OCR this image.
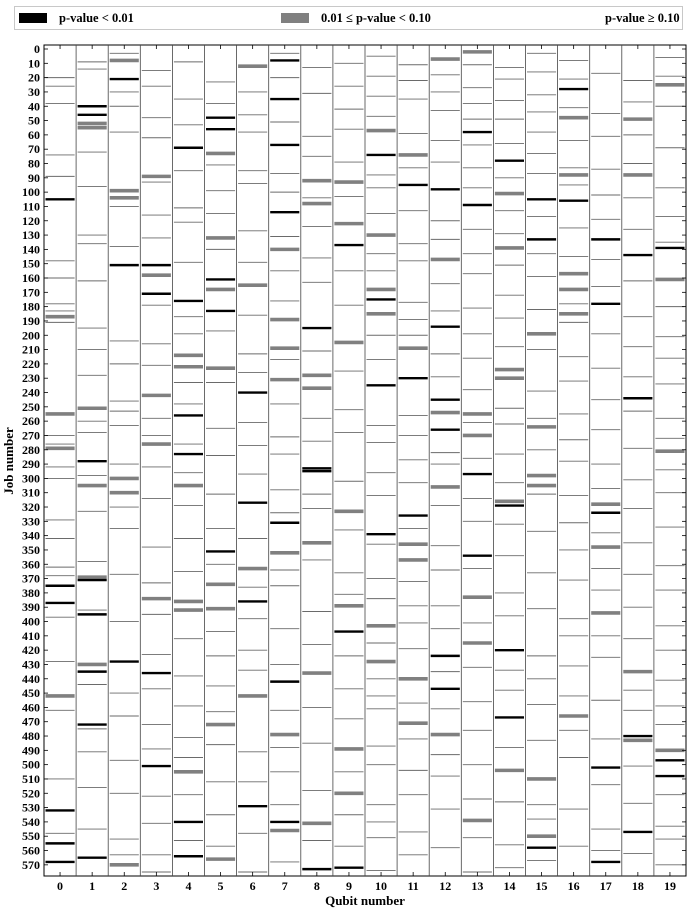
p-value < 0.01	0.01 ≤ p-value < 0.10	p-value ≥ 0.10
0 1 2 3 4 5 6 7 8 9 10 11 12 13 14 15 16 17 18 19
0
10
20
30
40
50
60
70
80
90
100
110
120
130
140
150
160
170
180
190
200
210
220
230
240
250
260
270
280
290
300
310
320
330
340
350
360
370
380
390
400
410
420
430
440
450
460
470
480
490
500
510
520
530
540
550
560
570
Qubit number
Job number
